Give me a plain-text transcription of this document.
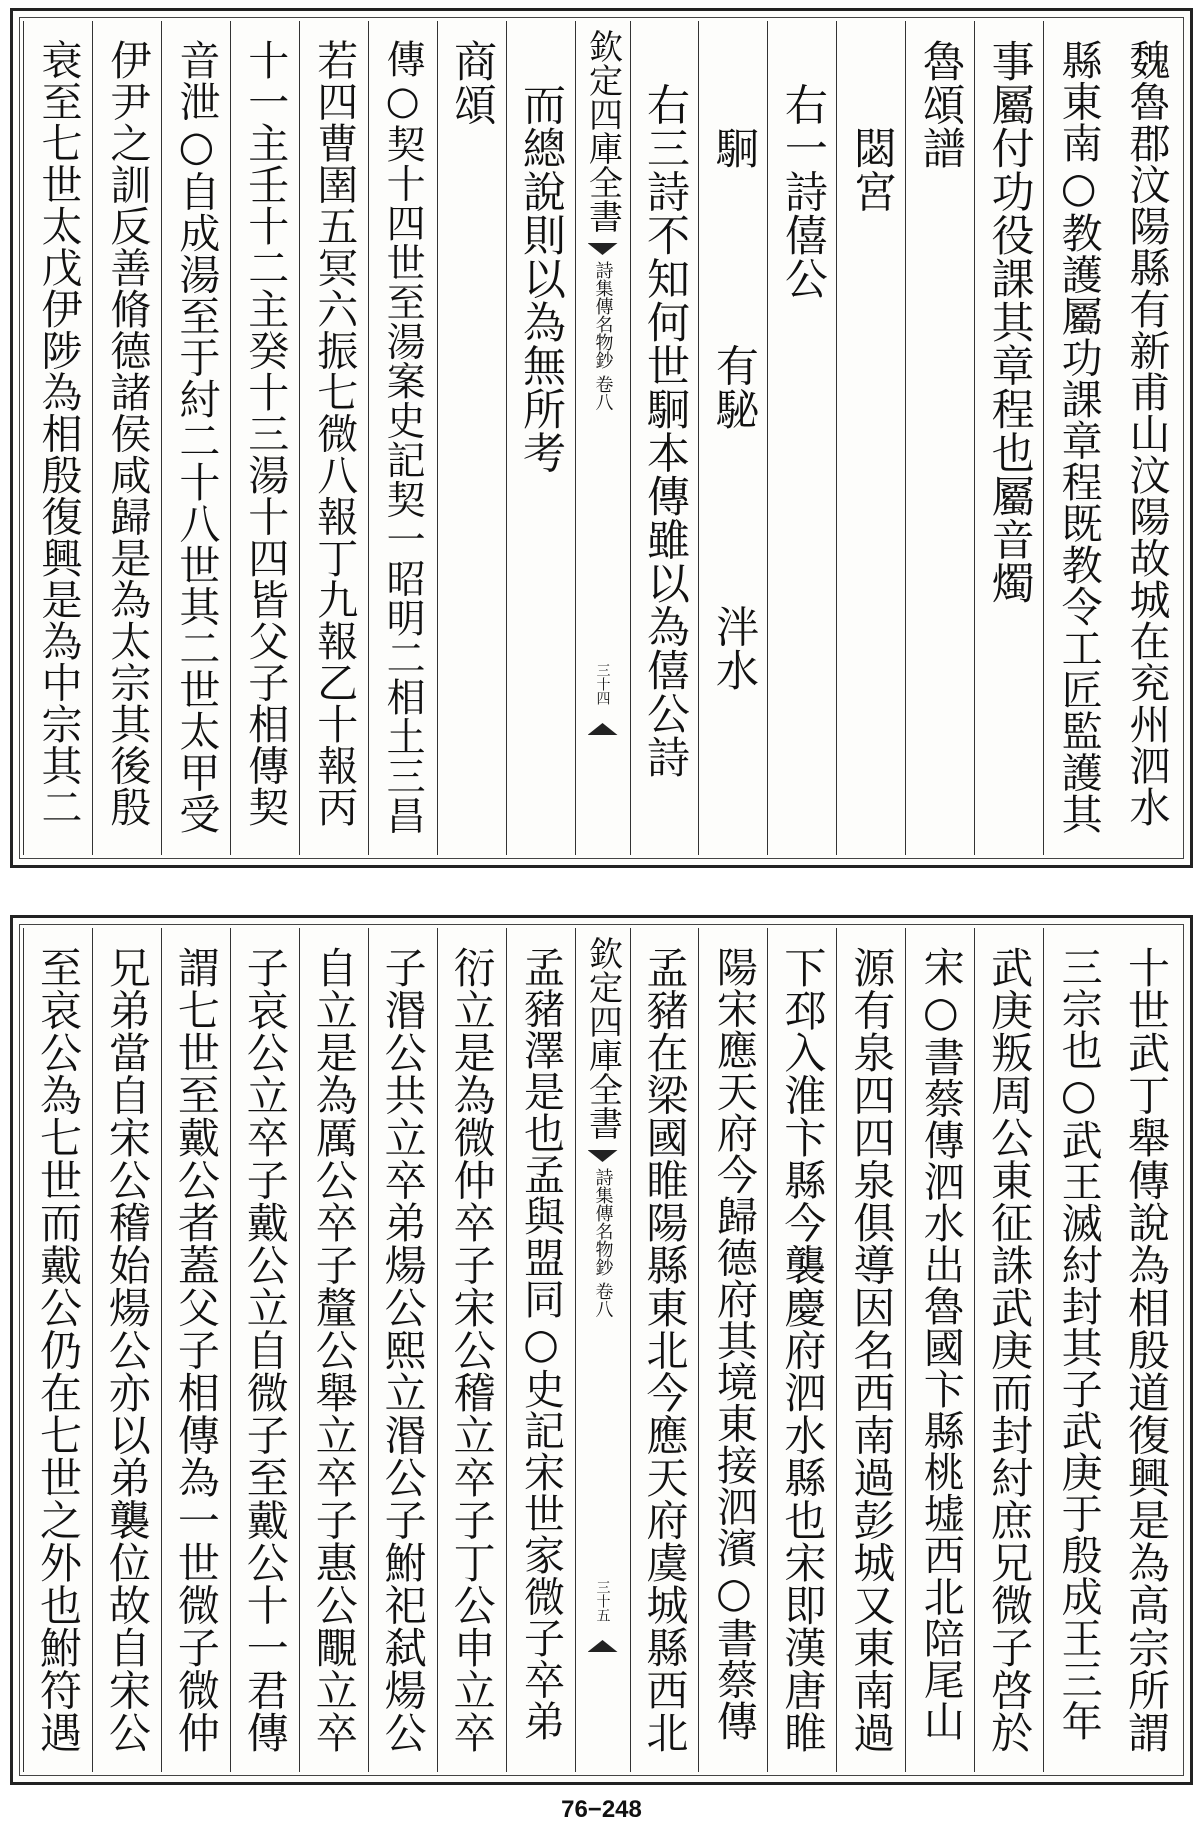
魏魯郡汶陽縣有新甫山汶陽故城在兖州泗水
縣東南○教護屬功課章程既教令工匠監護其
事屬付功役課其章程也屬音燭
魯頌譜
　　閟宮
　右一詩僖公
　　駉　　　　有駜　　　　泮水
　右三詩不知何世駉本傳雖以為僖公詩
欽定四庫全書
詩集傳名物鈔
卷八
三十四
　而總說則以為無所考
商頌
傳○契十四世至湯案史記契一昭明二相土三昌
若四曹圉五冥六振七微八報丁九報乙十報丙
十一主壬十二主癸十三湯十四皆父子相傳契
音泄○自成湯至于紂二十八世其二世太甲受
伊尹之訓反善脩德諸侯咸歸是為太宗其後殷
衰至七世太戊伊陟為相殷復興是為中宗其二
十世武丁舉傳說為相殷道復興是為高宗所謂
三宗也○武王滅紂封其子武庚于殷成王三年
武庚叛周公東征誅武庚而封紂庶兄微子啓於
宋○書蔡傳泗水出魯國卞縣桃墟西北陪尾山
源有泉四四泉俱導因名西南過彭城又東南過
下邳入淮卞縣今襲慶府泗水縣也宋即漢唐睢
陽宋應天府今歸德府其境東接泗濱○書蔡傳
孟豬在梁國睢陽縣東北今應天府虞城縣西北
欽定四庫全書
詩集傳名物鈔
卷八
三十五
孟豬澤是也孟與盟同○史記宋世家微子卒弟
衍立是為微仲卒子宋公稽立卒子丁公申立卒
子湣公共立卒弟煬公熙立湣公子鮒祀弑煬公
自立是為厲公卒子釐公舉立卒子惠公覸立卒
子哀公立卒子戴公立自微子至戴公十一君傳
謂七世至戴公者蓋父子相傳為一世微子微仲
兄弟當自宋公稽始煬公亦以弟襲位故自宋公
至哀公為七世而戴公仍在七世之外也鮒符遇
76−248
